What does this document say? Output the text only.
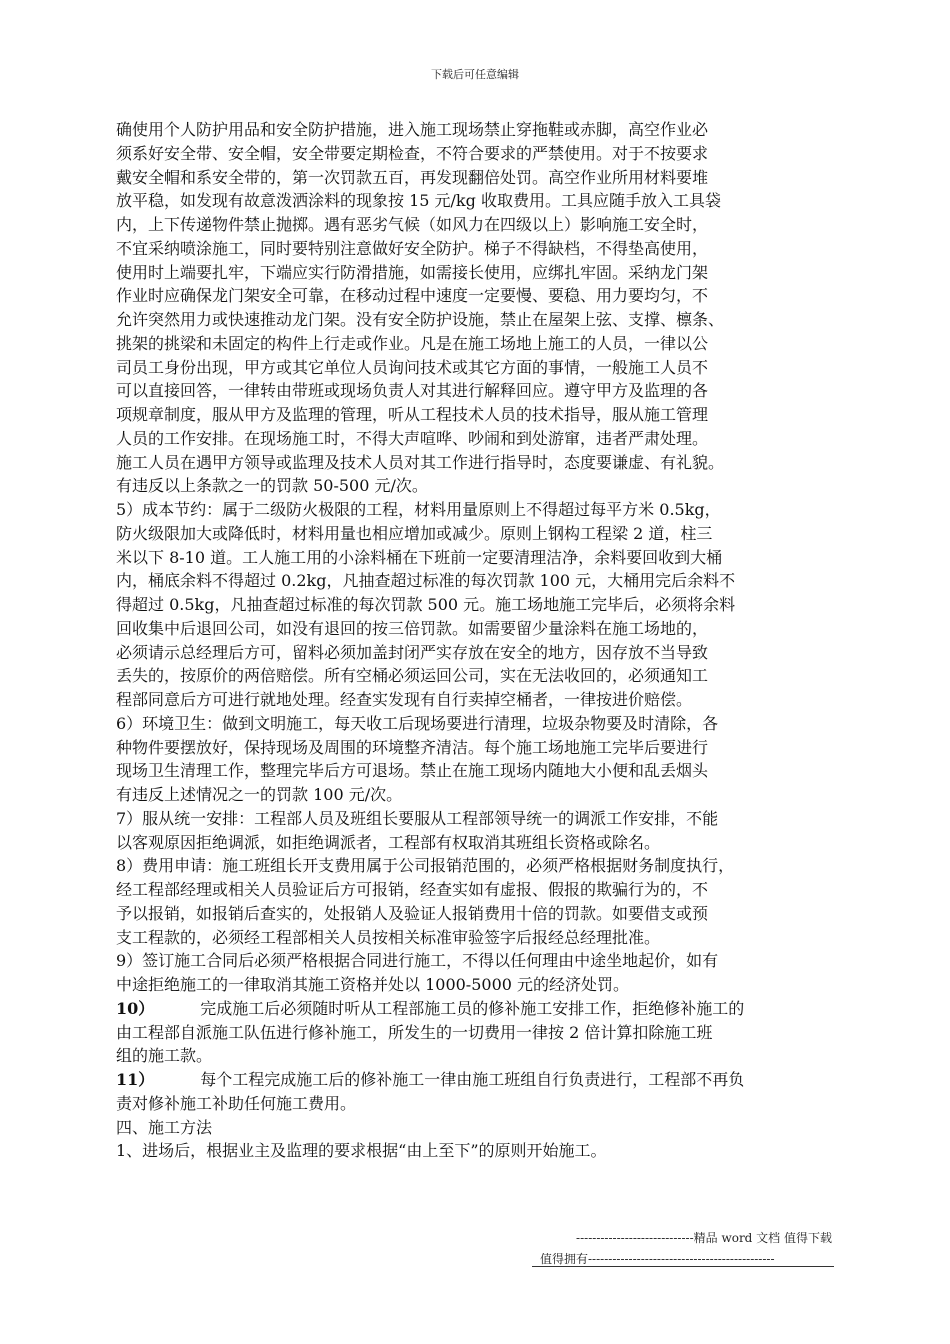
下载后可任意编辑
确使用个人防护用品和安全防护措施，进入施工现场禁止穿拖鞋或赤脚，高空作业必
须系好安全带、安全帽，安全带要定期检查，不符合要求的严禁使用。对于不按要求
戴安全帽和系安全带的，第一次罚款五百，再发现翻倍处罚。高空作业所用材料要堆
放平稳，如发现有故意泼洒涂料的现象按 15 元/kg 收取费用。工具应随手放入工具袋
内，上下传递物件禁止抛掷。遇有恶劣气候（如风力在四级以上）影响施工安全时，
不宜采纳喷涂施工，同时要特别注意做好安全防护。梯子不得缺档，不得垫高使用，
使用时上端要扎牢，下端应实行防滑措施，如需接长使用，应绑扎牢固。采纳龙门架
作业时应确保龙门架安全可靠，在移动过程中速度一定要慢、要稳、用力要均匀，不
允许突然用力或快速推动龙门架。没有安全防护设施，禁止在屋架上弦、支撑、檩条、
挑架的挑梁和未固定的构件上行走或作业。凡是在施工场地上施工的人员，一律以公
司员工身份出现，甲方或其它单位人员询问技术或其它方面的事情，一般施工人员不
可以直接回答，一律转由带班或现场负责人对其进行解释回应。遵守甲方及监理的各
项规章制度，服从甲方及监理的管理，听从工程技术人员的技术指导，服从施工管理
人员的工作安排。在现场施工时，不得大声喧哗、吵闹和到处游窜，违者严肃处理。
施工人员在遇甲方领导或监理及技术人员对其工作进行指导时，态度要谦虚、有礼貌。
有违反以上条款之一的罚款 50-500 元/次。
5）成本节约：属于二级防火极限的工程，材料用量原则上不得超过每平方米 0.5kg，
防火级限加大或降低时，材料用量也相应增加或减少。原则上钢构工程梁 2 道，柱三
米以下 8-10 道。工人施工用的小涂料桶在下班前一定要清理洁净，余料要回收到大桶
内，桶底余料不得超过 0.2kg，凡抽查超过标准的每次罚款 100 元，大桶用完后余料不
得超过 0.5kg，凡抽查超过标准的每次罚款 500 元。施工场地施工完毕后，必须将余料
回收集中后退回公司，如没有退回的按三倍罚款。如需要留少量涂料在施工场地的，
必须请示总经理后方可，留料必须加盖封闭严实存放在安全的地方，因存放不当导致
丢失的，按原价的两倍赔偿。所有空桶必须运回公司，实在无法收回的，必须通知工
程部同意后方可进行就地处理。经查实发现有自行卖掉空桶者，一律按进价赔偿。
6）环境卫生：做到文明施工，每天收工后现场要进行清理，垃圾杂物要及时清除，各
种物件要摆放好，保持现场及周围的环境整齐清洁。每个施工场地施工完毕后要进行
现场卫生清理工作，整理完毕后方可退场。禁止在施工现场内随地大小便和乱丢烟头
有违反上述情况之一的罚款 100 元/次。
7）服从统一安排：工程部人员及班组长要服从工程部领导统一的调派工作安排，不能
以客观原因拒绝调派，如拒绝调派者，工程部有权取消其班组长资格或除名。
8）费用申请：施工班组长开支费用属于公司报销范围的，必须严格根据财务制度执行，
经工程部经理或相关人员验证后方可报销，经查实如有虚报、假报的欺骗行为的，不
予以报销，如报销后查实的，处报销人及验证人报销费用十倍的罚款。如要借支或预
支工程款的，必须经工程部相关人员按相关标准审验签字后报经总经理批准。
9）签订施工合同后必须严格根据合同进行施工，不得以任何理由中途坐地起价，如有
中途拒绝施工的一律取消其施工资格并处以 1000-5000 元的经济处罚。
10）	完成施工后必须随时听从工程部施工员的修补施工安排工作，拒绝修补施工的
由工程部自派施工队伍进行修补施工，所发生的一切费用一律按 2 倍计算扣除施工班
组的施工款。
11）	每个工程完成施工后的修补施工一律由施工班组自行负责进行，工程部不再负
责对修补施工补助任何施工费用。
四、施工方法
1、进场后，根据业主及监理的要求根据“由上至下”的原则开始施工。
-----------------------------精品 word 文档 值得下载
值得拥有----------------------------------------------
